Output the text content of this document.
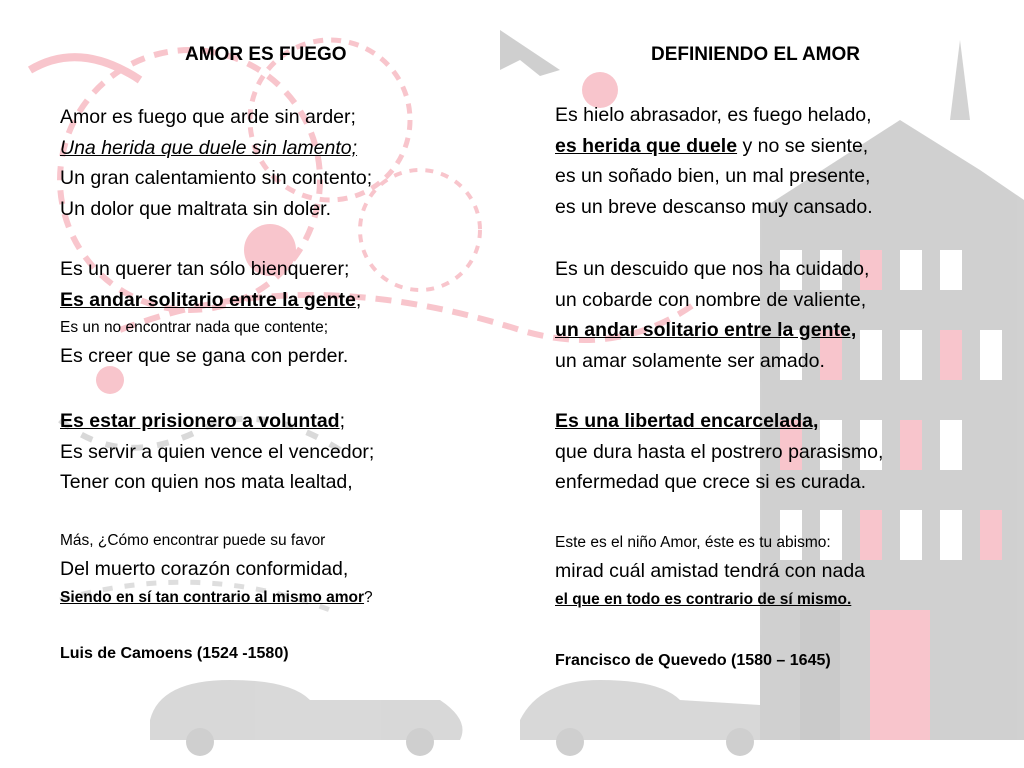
AMOR ES FUEGO
Amor es fuego que arde sin arder;
Una herida que duele sin lamento;
Un gran calentamiento sin contento;
Un dolor que maltrata sin doler.
Es un querer tan sólo bienquerer;
Es andar solitario entre la gente;
Es un no encontrar nada que contente;
Es creer que se gana con perder.
Es estar prisionero a voluntad;
Es servir a quien vence el vencedor;
Tener con quien nos mata lealtad,
Más, ¿Cómo encontrar puede su favor
Del muerto corazón conformidad,
Siendo en sí tan contrario al mismo amor?
Luis de Camoens (1524 -1580)
DEFINIENDO EL AMOR
Es hielo abrasador, es fuego helado,
es herida que duele y no se siente,
es un soñado bien, un mal presente,
es un breve descanso muy cansado.
Es un descuido que nos ha cuidado,
un cobarde con nombre de valiente,
un andar solitario entre la gente,
un amar solamente ser amado.
Es una libertad encarcelada,
que dura hasta el postrero parasismo,
enfermedad que crece si es curada.
Este es el niño Amor, éste es tu abismo:
mirad cuál amistad tendrá con nada
el que en todo es contrario de sí mismo.
Francisco de Quevedo (1580 – 1645)
